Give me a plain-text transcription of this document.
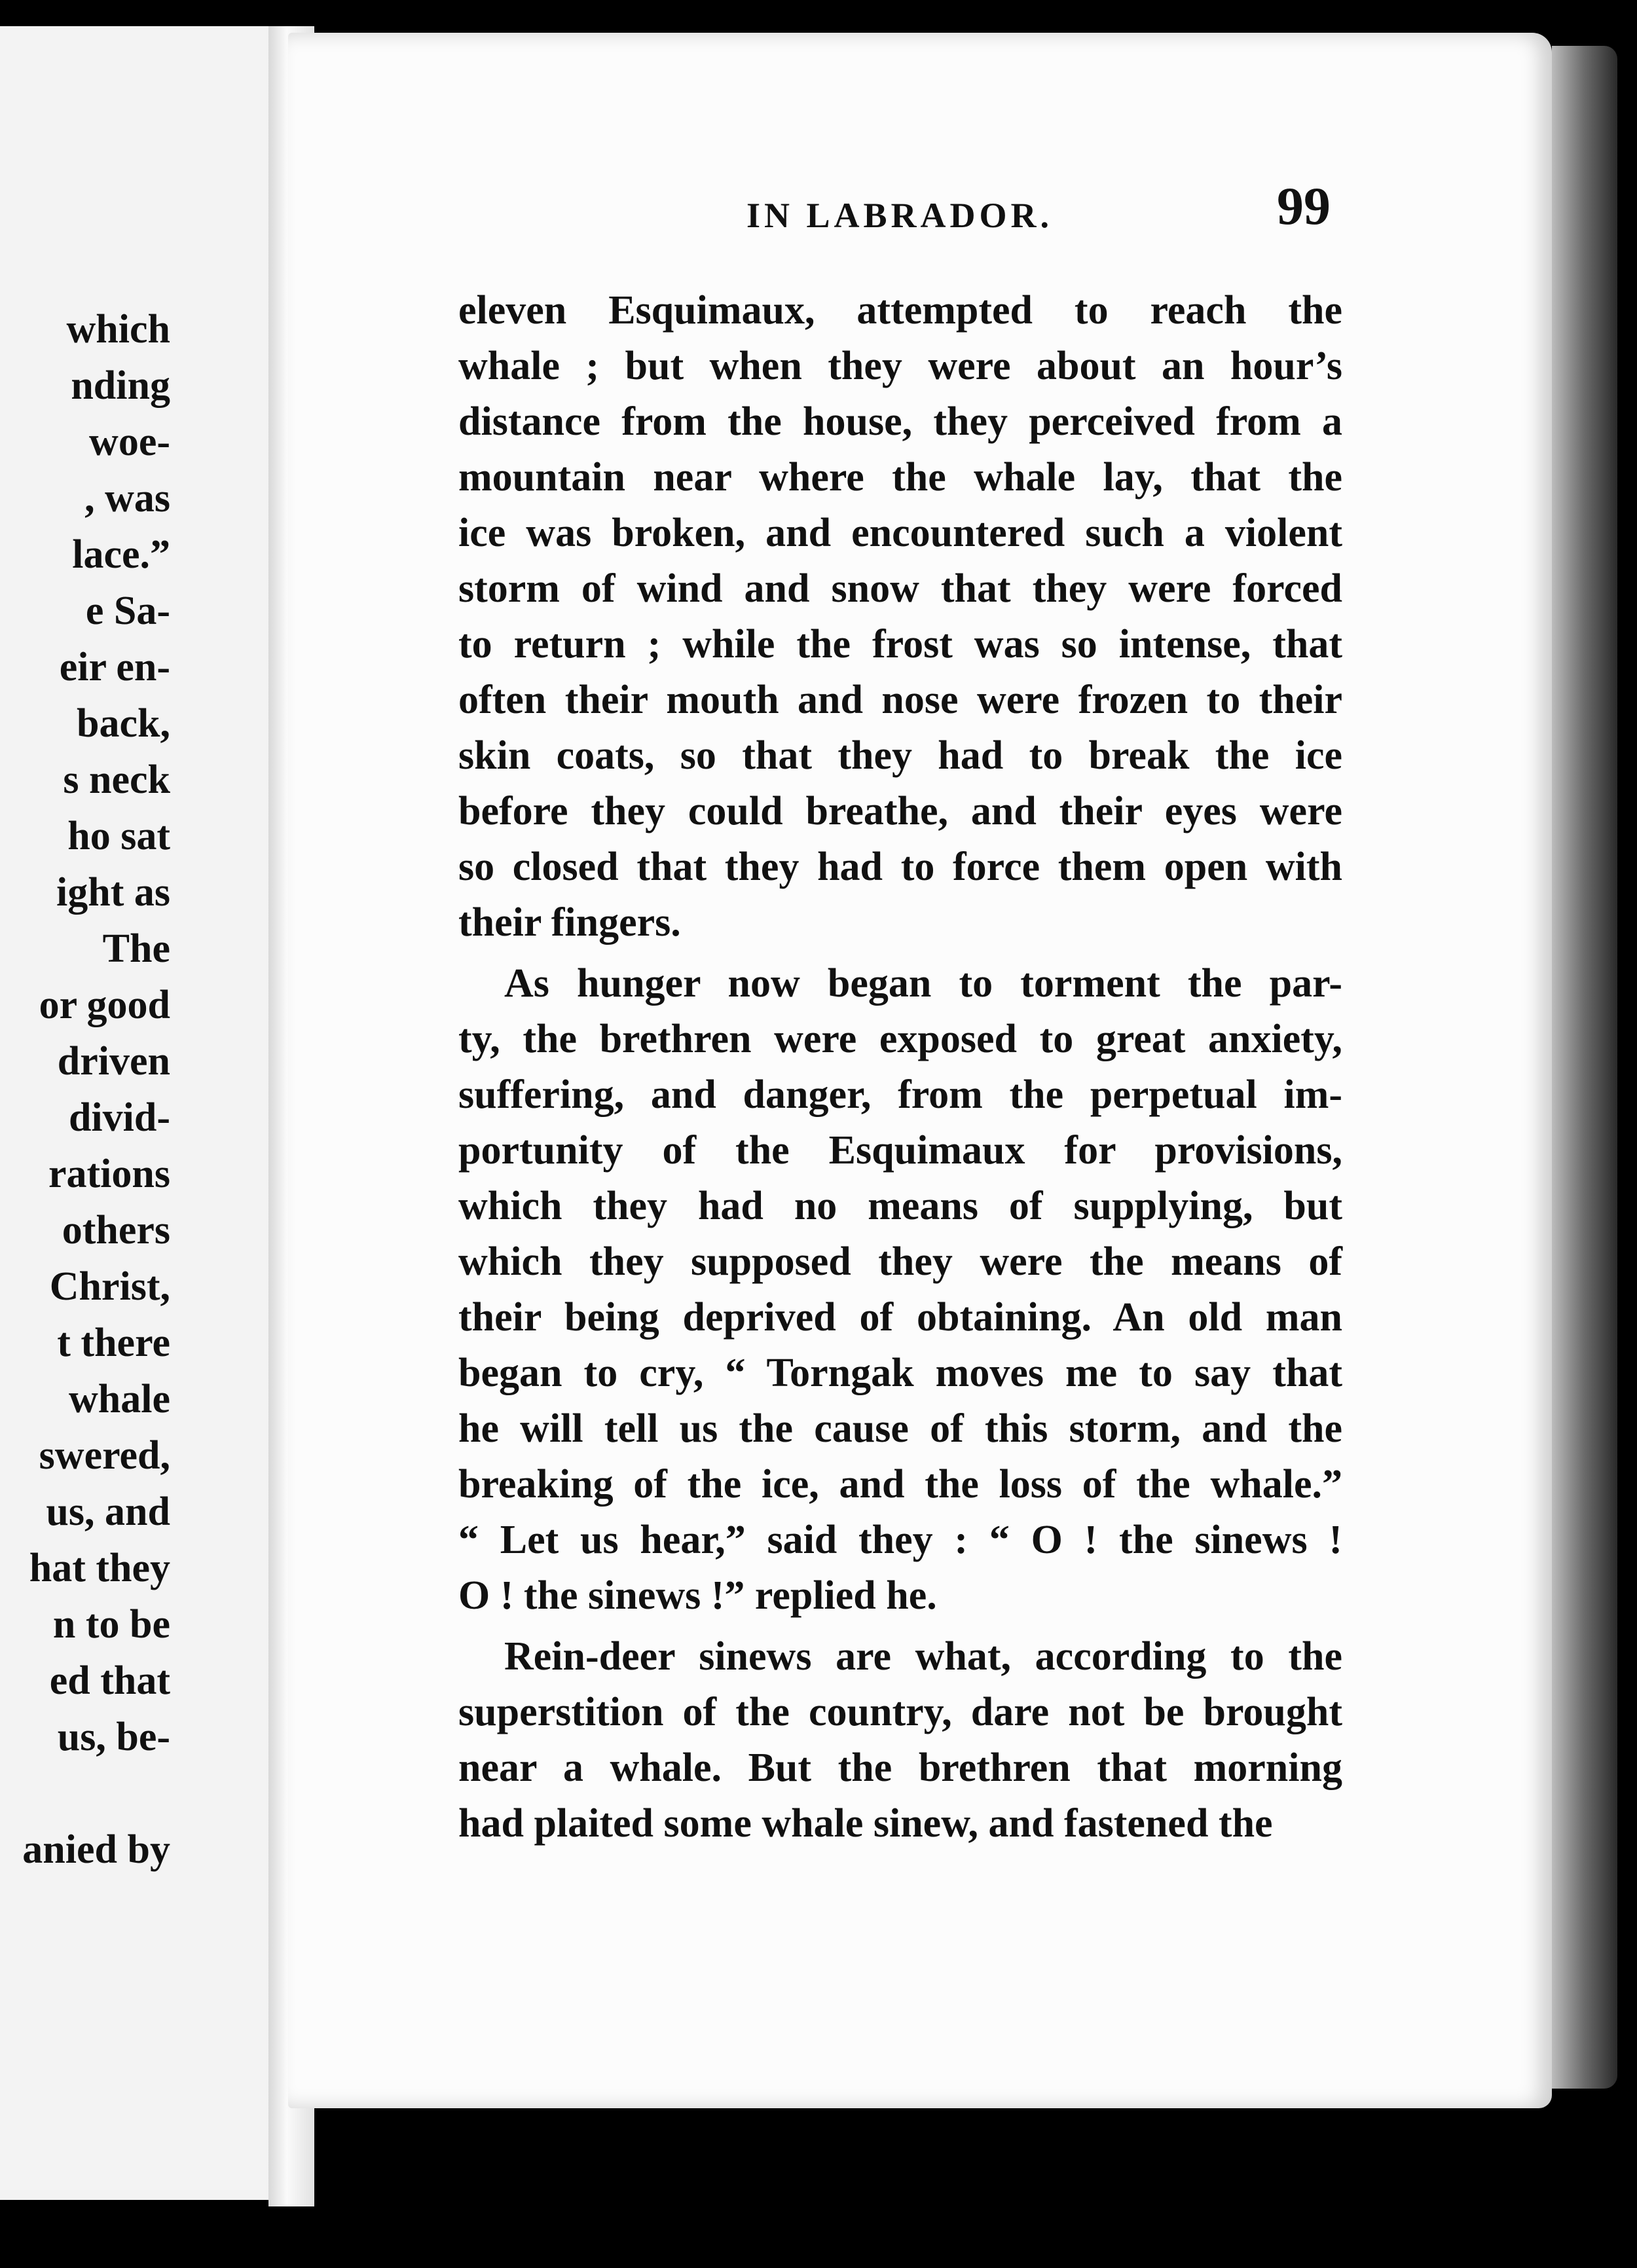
which
nding
woe-
, was
lace.”
e Sa-
eir en-
back,
s neck
ho sat
ight as
The
or good
driven
divid-
rations
others
Christ,
t there
whale
swered,
us, and
hat they
n to be
ed that
us, be-
anied by
IN LABRADOR.	99
eleven Esquimaux, attempted to reach the
whale ; but when they were about an hour’s
distance from the house, they perceived from a
mountain near where the whale lay, that the
ice was broken, and encountered such a violent
storm of wind and snow that they were forced
to return ; while the frost was so intense, that
often their mouth and nose were frozen to their
skin coats, so that they had to break the ice
before they could breathe, and their eyes were
so closed that they had to force them open with
their fingers.
As hunger now began to torment the par-
ty, the brethren were exposed to great anxiety,
suffering, and danger, from the perpetual im-
portunity of the Esquimaux for provisions,
which they had no means of supplying, but
which they supposed they were the means of
their being deprived of obtaining. An old man
began to cry, “ Torngak moves me to say that
he will tell us the cause of this storm, and the
breaking of the ice, and the loss of the whale.”
“ Let us hear,” said they : “ O ! the sinews !
O ! the sinews !” replied he.
Rein-deer sinews are what, according to the
superstition of the country, dare not be brought
near a whale. But the brethren that morning
had plaited some whale sinew, and fastened the
